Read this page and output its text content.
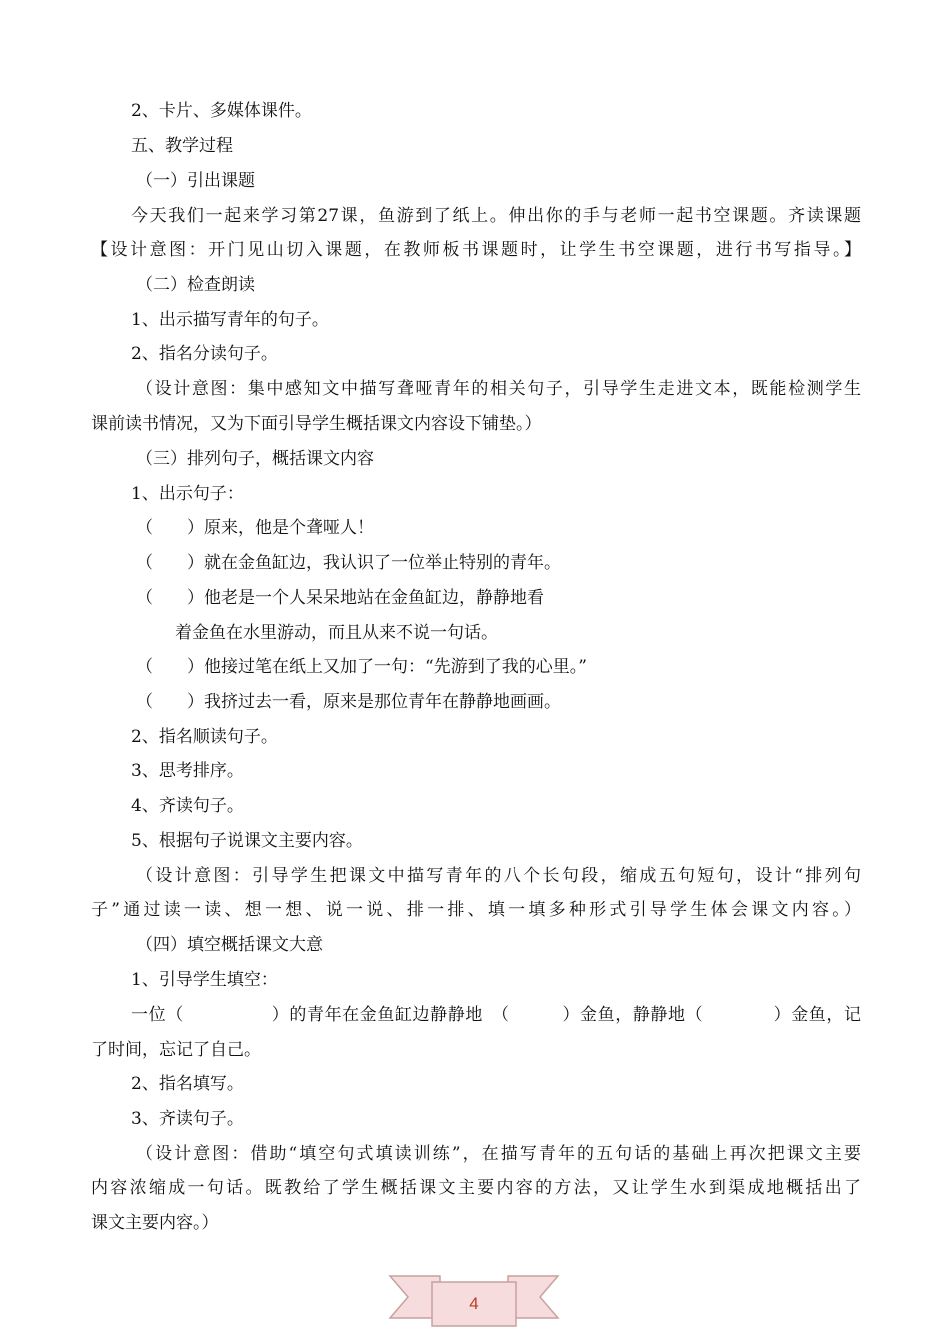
2、卡片、多媒体课件。
五、教学过程
（一）引出课题
今天我们一起来学习第27课，鱼游到了纸上。伸出你的手与老师一起书空课题。齐读课题
【设计意图：开门见山切入课题，在教师板书课题时，让学生书空课题，进行书写指导。】
（二）检查朗读
1、出示描写青年的句子。
2、指名分读句子。
（设计意图：集中感知文中描写聋哑青年的相关句子，引导学生走进文本，既能检测学生
课前读书情况，又为下面引导学生概括课文内容设下铺垫。）
（三）排列句子，概括课文内容
1、出示句子：
（　　）原来，他是个聋哑人！
（　　）就在金鱼缸边，我认识了一位举止特别的青年。
（　　）他老是一个人呆呆地站在金鱼缸边，静静地看
着金鱼在水里游动，而且从来不说一句话。
（　　）他接过笔在纸上又加了一句：“先游到了我的心里。”
（　　）我挤过去一看，原来是那位青年在静静地画画。
2、指名顺读句子。
3、思考排序。
4、齐读句子。
5、根据句子说课文主要内容。
（设计意图：引导学生把课文中描写青年的八个长句段，缩成五句短句，设计“排列句
子”通过读一读、想一想、说一说、排一排、填一填多种形式引导学生体会课文内容。）
（四）填空概括课文大意
1、引导学生填空：
一位（　　　　　）的青年在金鱼缸边静静地　（　　　）金鱼，静静地（　　　　）金鱼，记
了时间，忘记了自己。
2、指名填写。
3、齐读句子。
（设计意图：借助“填空句式填读训练”，在描写青年的五句话的基础上再次把课文主要
内容浓缩成一句话。既教给了学生概括课文主要内容的方法，又让学生水到渠成地概括出了
课文主要内容。）
4
